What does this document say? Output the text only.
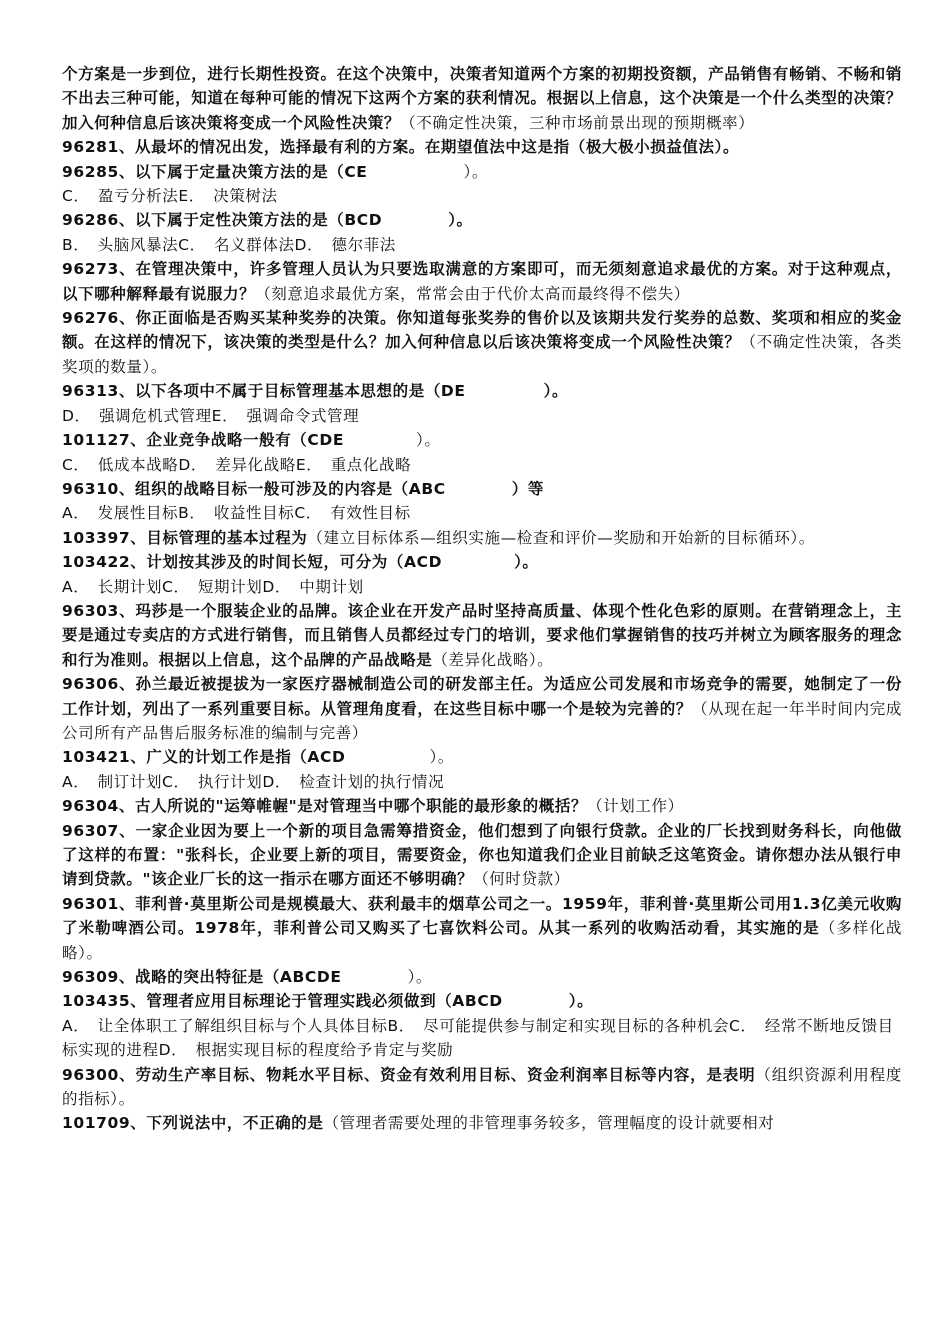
个方案是一步到位，进行长期性投资。在这个决策中，决策者知道两个方案的初期投资额，产品销售有畅销、不畅和销不出去三种可能，知道在每种可能的情况下这两个方案的获利情况。根据以上信息，这个决策是一个什么类型的决策？加入何种信息后该决策将变成一个风险性决策？（不确定性决策，三种市场前景出现的预期概率）

96281、从最坏的情况出发，选择最有利的方案。在期望值法中这是指（极大极小损益值法）。

96285、以下属于定量决策方法的是（CE	）。

C．　盈亏分析法E．　决策树法

96286、以下属于定性决策方法的是（BCD	）。

B．　头脑风暴法C．　名义群体法D．　德尔菲法

96273、在管理决策中，许多管理人员认为只要选取满意的方案即可，而无须刻意追求最优的方案。对于这种观点，以下哪种解释最有说服力？（刻意追求最优方案，常常会由于代价太高而最终得不偿失）

96276、你正面临是否购买某种奖券的决策。你知道每张奖券的售价以及该期共发行奖券的总数、奖项和相应的奖金额。在这样的情况下，该决策的类型是什么？加入何种信息以后该决策将变成一个风险性决策？（不确定性决策，各类奖项的数量）。

96313、以下各项中不属于目标管理基本思想的是（DE	）。

D．　强调危机式管理E．　强调命令式管理

101127、企业竞争战略一般有（CDE	）。

C．　低成本战略D．　差异化战略E．　重点化战略

96310、组织的战略目标一般可涉及的内容是（ABC	）等

A．　发展性目标B．　收益性目标C．　有效性目标

103397、目标管理的基本过程为（建立目标体系—组织实施—检查和评价—奖励和开始新的目标循环）。

103422、计划按其涉及的时间长短，可分为（ACD	）。

A．　长期计划C．　短期计划D．　中期计划

96303、玛莎是一个服装企业的品牌。该企业在开发产品时坚持高质量、体现个性化色彩的原则。在营销理念上，主要是通过专卖店的方式进行销售，而且销售人员都经过专门的培训，要求他们掌握销售的技巧并树立为顾客服务的理念和行为准则。根据以上信息，这个品牌的产品战略是（差异化战略）。

96306、孙兰最近被提拔为一家医疗器械制造公司的研发部主任。为适应公司发展和市场竞争的需要，她制定了一份工作计划，列出了一系列重要目标。从管理角度看，在这些目标中哪一个是较为完善的？（从现在起一年半时间内完成公司所有产品售后服务标准的编制与完善）

103421、广义的计划工作是指（ACD	）。

A．　制订计划C．　执行计划D．　检查计划的执行情况

96304、古人所说的"运筹帷幄"是对管理当中哪个职能的最形象的概括？（计划工作）

96307、一家企业因为要上一个新的项目急需筹措资金，他们想到了向银行贷款。企业的厂长找到财务科长，向他做了这样的布置："张科长，企业要上新的项目，需要资金，你也知道我们企业目前缺乏这笔资金。请你想办法从银行申请到贷款。"该企业厂长的这一指示在哪方面还不够明确？（何时贷款）

96301、菲利普·莫里斯公司是规模最大、获利最丰的烟草公司之一。1959年，菲利普·莫里斯公司用1.3亿美元收购了米勒啤酒公司。1978年，菲利普公司又购买了七喜饮料公司。从其一系列的收购活动看，其实施的是（多样化战略）。

96309、战略的突出特征是（ABCDE	）。

103435、管理者应用目标理论于管理实践必须做到（ABCD	）。

A．　让全体职工了解组织目标与个人具体目标B．　尽可能提供参与制定和实现目标的各种机会C．　经常不断地反馈目标实现的进程D．　根据实现目标的程度给予肯定与奖励

96300、劳动生产率目标、物耗水平目标、资金有效利用目标、资金利润率目标等内容，是表明（组织资源利用程度的指标）。

101709、下列说法中，不正确的是（管理者需要处理的非管理事务较多，管理幅度的设计就要相对
